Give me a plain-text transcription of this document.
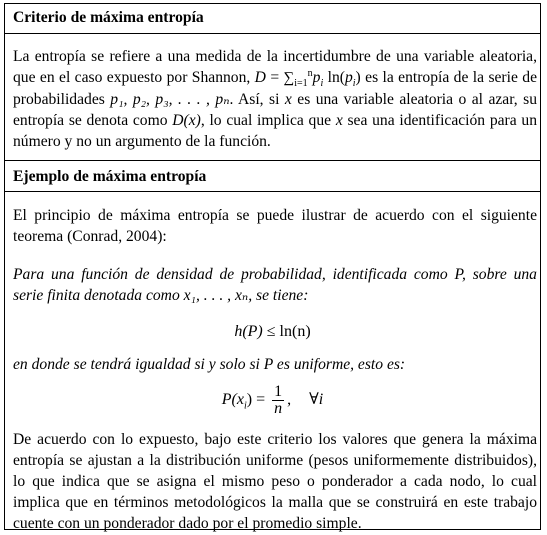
Criterio de máxima entropía

La entropía se refiere a una medida de la incertidumbre de una variable aleatoria, que en el caso expuesto por Shannon, $D = \sum_{i=1}^np_i$ $\ln(p_i)$ es la entropía de la serie de probabilidades p₁, p₂, p₃, . . . , pₙ. Así, si x es una variable aleatoria o al azar, su entropía se denota como D(x), lo cual implica que x sea una identificación para un número y no un argumento de la función.

Ejemplo de máxima entropía

El principio de máxima entropía se puede ilustrar de acuerdo con el siguiente teorema (Conrad, 2004):

Para una función de densidad de probabilidad, identificada como P, sobre una serie finita denotada como x₁, . . . , xₙ, se tiene:

h(P) ≤ ln(n)

en donde se tendrá igualdad si y solo si P es uniforme, esto es:

$P(x_i) = \frac{1}{n}$ , ∀i

De acuerdo con lo expuesto, bajo este criterio los valores que genera la máxima entropía se ajustan a la distribución uniforme (pesos uniformemente distribuidos), lo que indica que se asigna el mismo peso o ponderador a cada nodo, lo cual implica que en términos metodológicos la malla que se construirá en este trabajo cuente con un ponderador dado por el promedio simple.
